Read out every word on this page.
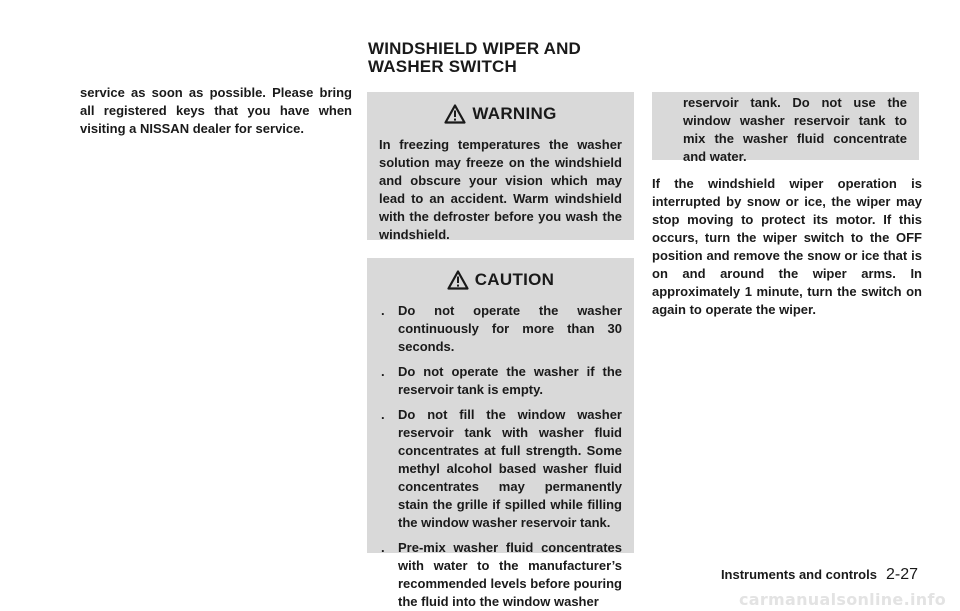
service as soon as possible. Please bring all registered keys that you have when visiting a NISSAN dealer for service.
WINDSHIELD WIPER AND WASHER SWITCH
WARNING
In freezing temperatures the washer solution may freeze on the windshield and obscure your vision which may lead to an accident. Warm windshield with the defroster before you wash the windshield.
CAUTION
. Do not operate the washer continuously for more than 30 seconds.
. Do not operate the washer if the reservoir tank is empty.
. Do not fill the window washer reservoir tank with washer fluid concentrates at full strength. Some methyl alcohol based washer fluid concentrates may permanently stain the grille if spilled while filling the window washer reservoir tank.
. Pre-mix washer fluid concentrates with water to the manufacturer’s recommended levels before pouring the fluid into the window washer
reservoir tank. Do not use the window washer reservoir tank to mix the washer fluid concentrate and water.
If the windshield wiper operation is interrupted by snow or ice, the wiper may stop moving to protect its motor. If this occurs, turn the wiper switch to the OFF position and remove the snow or ice that is on and around the wiper arms. In approximately 1 minute, turn the switch on again to operate the wiper.
Instruments and controls 2-27
carmanualsonline.info
